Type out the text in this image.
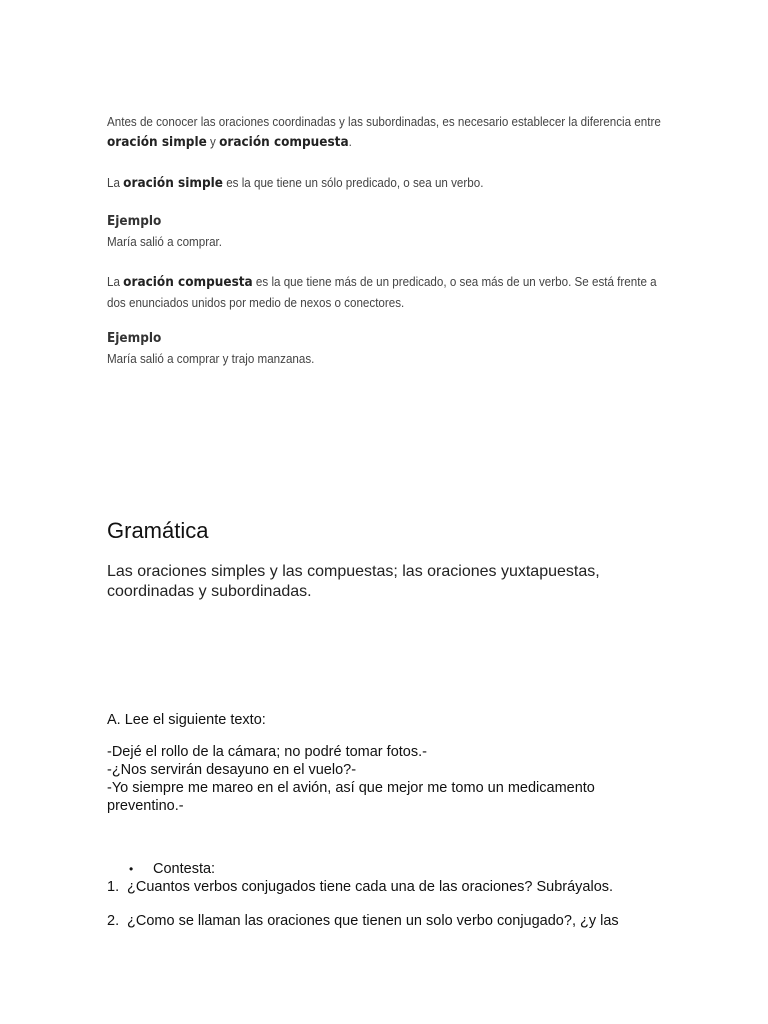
Antes de conocer las oraciones coordinadas y las subordinadas, es necesario establecer la diferencia entre oración simple y oración compuesta.

La oración simple es la que tiene un sólo predicado, o sea un verbo.

Ejemplo

María salió a comprar.

La oración compuesta es la que tiene más de un predicado, o sea más de un verbo. Se está frente a dos enunciados unidos por medio de nexos o conectores.

Ejemplo

María salió a comprar y trajo manzanas.

Gramática

Las oraciones simples y las compuestas; las oraciones yuxtapuestas, coordinadas y subordinadas.

A. Lee el siguiente texto:

-Dejé el rollo de la cámara; no podré tomar fotos.-

-¿Nos servirán desayuno en el vuelo?-

-Yo siempre me mareo en el avión, así que mejor me tomo un medicamento preventino.-

• Contesta:
1. ¿Cuantos verbos conjugados tiene cada una de las oraciones? Subráyalos.
2. ¿Como se llaman las oraciones que tienen un solo verbo conjugado?, ¿y las
